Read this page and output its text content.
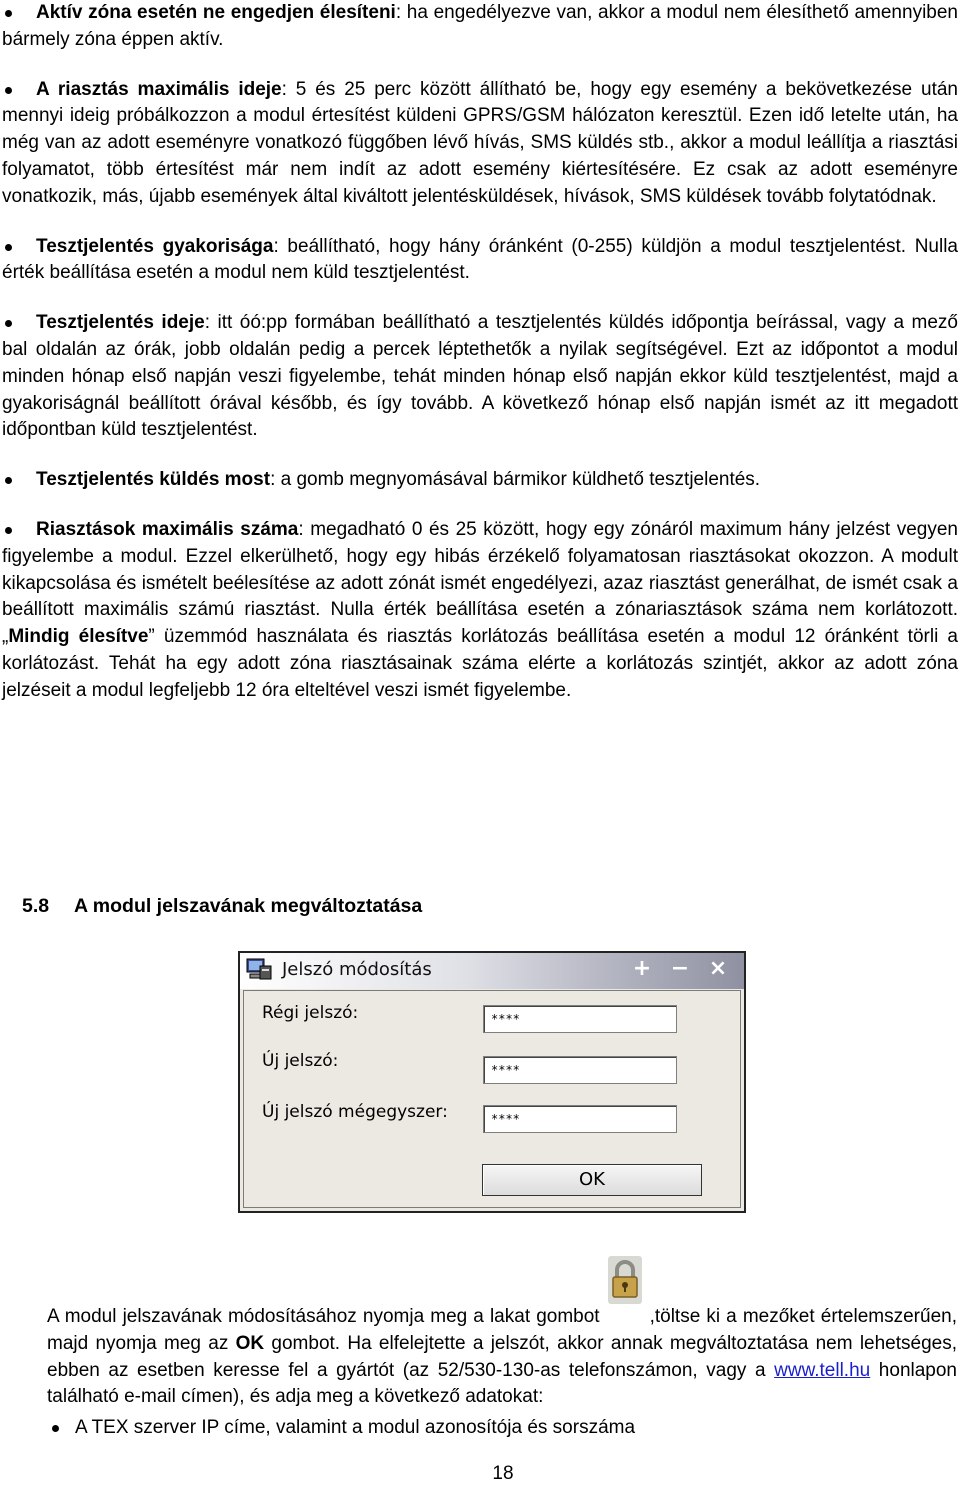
Aktív zóna esetén ne engedjen élesíteni: ha engedélyezve van, akkor a modul nem élesíthető amennyiben bármely zóna éppen aktív.
A riasztás maximális ideje: 5 és 25 perc között állítható be, hogy egy esemény a bekövetkezése után mennyi ideig próbálkozzon a modul értesítést küldeni GPRS/GSM hálózaton keresztül. Ezen idő letelte után, ha még van az adott eseményre vonatkozó függőben lévő hívás, SMS küldés stb., akkor a modul leállítja a riasztási folyamatot, több értesítést már nem indít az adott esemény kiértesítésére. Ez csak az adott eseményre vonatkozik, más, újabb események által kiváltott jelentésküldések, hívások, SMS küldések tovább folytatódnak.
Tesztjelentés gyakorisága: beállítható, hogy hány óránként (0-255) küldjön a modul tesztjelentést. Nulla érték beállítása esetén a modul nem küld tesztjelentést.
Tesztjelentés ideje: itt óó:pp formában beállítható a tesztjelentés küldés időpontja beírással, vagy a mező bal oldalán az órák, jobb oldalán pedig a percek léptethetők a nyilak segítségével. Ezt az időpontot a modul minden hónap első napján veszi figyelembe, tehát minden hónap első napján ekkor küld tesztjelentést, majd a gyakoriságnál beállított órával később, és így tovább. A következő hónap első napján ismét az itt megadott időpontban küld tesztjelentést.
Tesztjelentés küldés most: a gomb megnyomásával bármikor küldhető tesztjelentés.
Riasztások maximális száma: megadható 0 és 25 között, hogy egy zónáról maximum hány jelzést vegyen figyelembe a modul. Ezzel elkerülhető, hogy egy hibás érzékelő folyamatosan riasztásokat okozzon. A modult kikapcsolása és ismételt beélesítése az adott zónát ismét engedélyezi, azaz riasztást generálhat, de ismét csak a beállított maximális számú riasztást. Nulla érték beállítása esetén a zónariasztások száma nem korlátozott. „Mindig élesítve” üzemmód használata és riasztás korlátozás beállítása esetén a modul 12 óránként törli a korlátozást. Tehát ha egy adott zóna riasztásainak száma elérte a korlátozás szintjét, akkor az adott zóna jelzéseit a modul legfeljebb 12 óra elteltével veszi ismét figyelembe.
5.8 A modul jelszavának megváltoztatása
Jelszó módosítás	+ − ×
Régi jelszó:	****
Új jelszó:	****
Új jelszó mégegyszer:	****
OK
A modul jelszavának módosításához nyomja meg a lakat gombot	,töltse ki a mezőket értelemszerűen, majd nyomja meg az OK gombot. Ha elfelejtette a jelszót, akkor annak megváltoztatása nem lehetséges, ebben az esetben keresse fel a gyártót (az 52/530-130-as telefonszámon, vagy a www.tell.hu honlapon található e-mail címen), és adja meg a következő adatokat:
A TEX szerver IP címe, valamint a modul azonosítója és sorszáma
18
